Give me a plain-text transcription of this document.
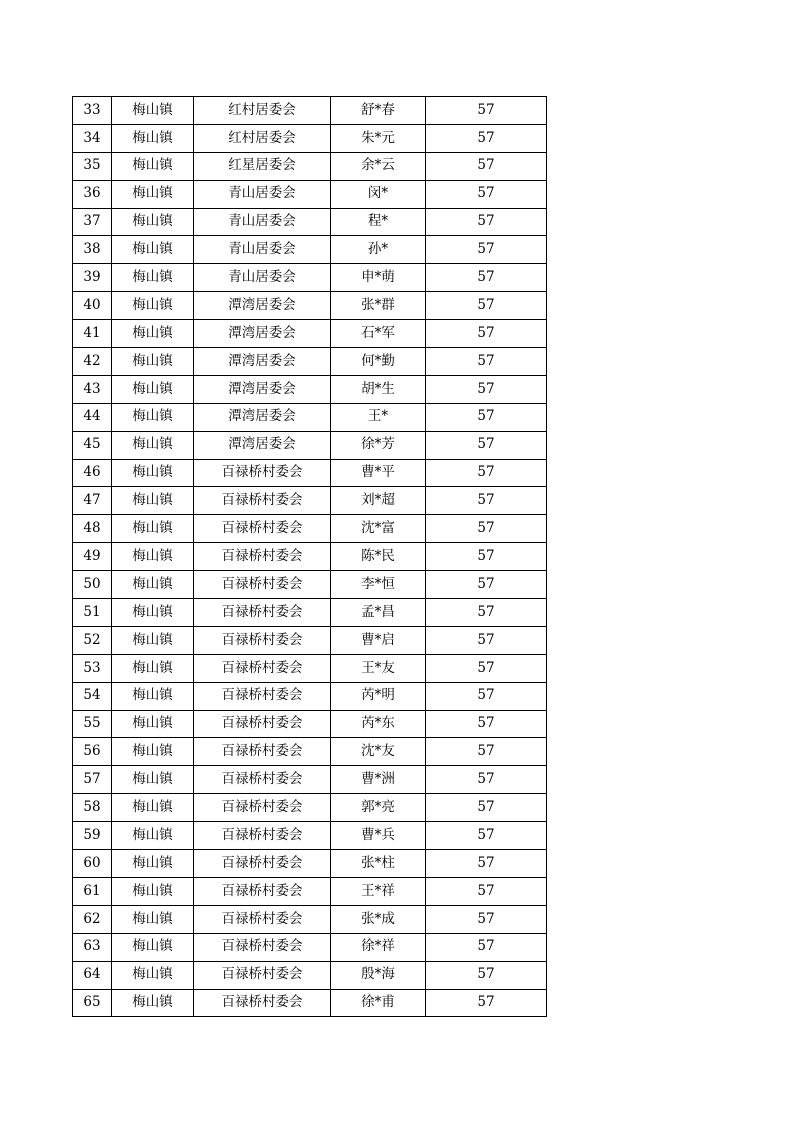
33	梅山镇	红村居委会	舒*春	57
34	梅山镇	红村居委会	朱*元	57
35	梅山镇	红星居委会	余*云	57
36	梅山镇	青山居委会	闵*	57
37	梅山镇	青山居委会	程*	57
38	梅山镇	青山居委会	孙*	57
39	梅山镇	青山居委会	申*萌	57
40	梅山镇	潭湾居委会	张*群	57
41	梅山镇	潭湾居委会	石*军	57
42	梅山镇	潭湾居委会	何*勤	57
43	梅山镇	潭湾居委会	胡*生	57
44	梅山镇	潭湾居委会	王*	57
45	梅山镇	潭湾居委会	徐*芳	57
46	梅山镇	百禄桥村委会	曹*平	57
47	梅山镇	百禄桥村委会	刘*超	57
48	梅山镇	百禄桥村委会	沈*富	57
49	梅山镇	百禄桥村委会	陈*民	57
50	梅山镇	百禄桥村委会	李*恒	57
51	梅山镇	百禄桥村委会	孟*昌	57
52	梅山镇	百禄桥村委会	曹*启	57
53	梅山镇	百禄桥村委会	王*友	57
54	梅山镇	百禄桥村委会	芮*明	57
55	梅山镇	百禄桥村委会	芮*东	57
56	梅山镇	百禄桥村委会	沈*友	57
57	梅山镇	百禄桥村委会	曹*洲	57
58	梅山镇	百禄桥村委会	郭*亮	57
59	梅山镇	百禄桥村委会	曹*兵	57
60	梅山镇	百禄桥村委会	张*柱	57
61	梅山镇	百禄桥村委会	王*祥	57
62	梅山镇	百禄桥村委会	张*成	57
63	梅山镇	百禄桥村委会	徐*祥	57
64	梅山镇	百禄桥村委会	殷*海	57
65	梅山镇	百禄桥村委会	徐*甫	57
